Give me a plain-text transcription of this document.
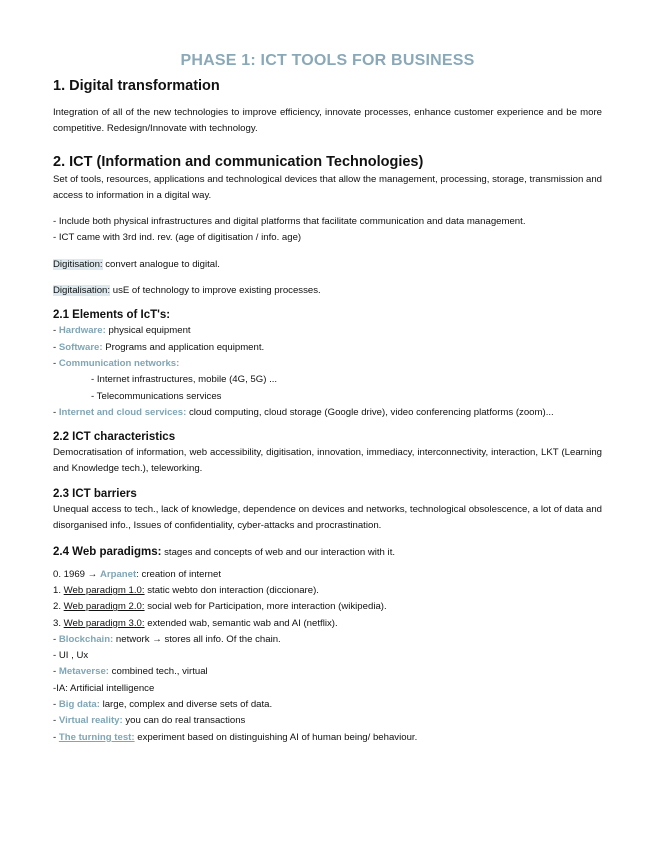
PHASE 1: ICT TOOLS FOR BUSINESS
1. Digital transformation

Integration of all of the new technologies to improve efficiency, innovate processes, enhance customer experience and be more competitive. Redesign/Innovate with technology.

2. ICT (Information and communication Technologies)

Set of tools, resources, applications and technological devices that allow the management, processing, storage, transmission and access to information in a digital way.

- Include both physical infrastructures and digital platforms that facilitate communication and data management.

- ICT came with 3rd ind. rev. (age of digitisation / info. age)

Digitisation: convert analogue to digital.

Digitalisation: usE of technology to improve existing processes.

2.1 Elements of IcT's:

- Hardware: physical equipment

- Software: Programs and application equipment.

- Communication networks:

- Internet infrastructures, mobile (4G, 5G) ...

- Telecommunications services

- Internet and cloud services: cloud computing, cloud storage (Google drive), video conferencing platforms (zoom)...

2.2 ICT characteristics

Democratisation of information, web accessibility, digitisation, innovation, immediacy, interconnectivity, interaction, LKT (Learning and Knowledge tech.), teleworking.

2.3 ICT barriers

Unequal access to tech., lack of knowledge, dependence on devices and networks, technological obsolescence, a lot of data and disorganised info., Issues of confidentiality, cyber-attacks and procrastination.

2.4 Web paradigms: stages and concepts of web and our interaction with it.

0. 1969 → Arpanet: creation of internet

1. Web paradigm 1.0: static webto don interaction (diccionare).

2. Web paradigm 2.0: social web for Participation, more interaction (wikipedia).

3. Web paradigm 3.0: extended wab, semantic wab and AI (netflix).

- Blockchain: network → stores all info. Of the chain.

- UI , Ux

- Metaverse: combined tech., virtual

-IA: Artificial intelligence

- Big data: large, complex and diverse sets of data.

- Virtual reality: you can do real transactions

- The turning test: experiment based on distinguishing AI of human being/ behaviour.
